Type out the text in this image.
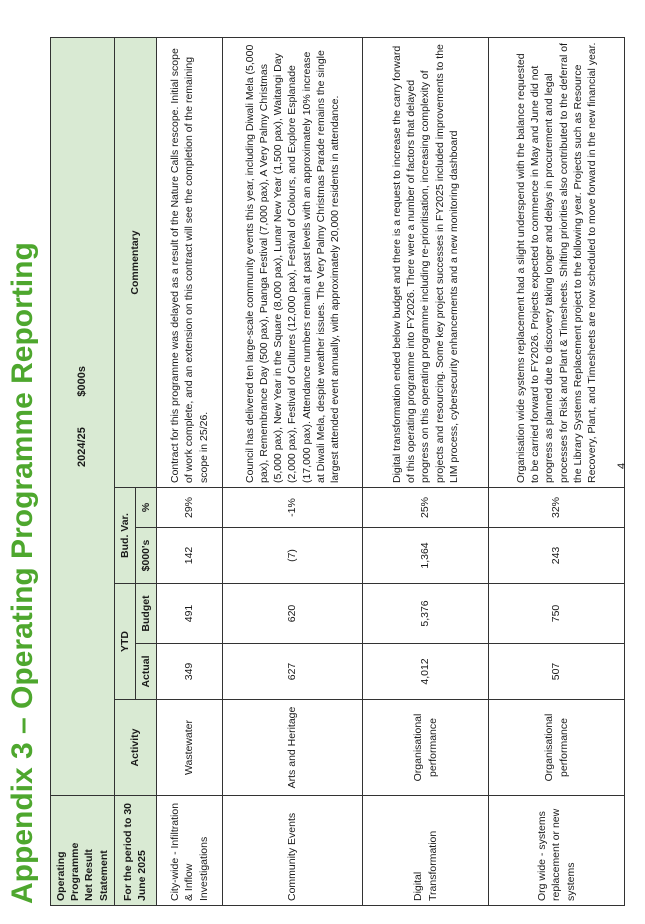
Appendix 3 – Operating Programme Reporting Operating Programme Net Result Statement	2024/25          $000s					
For the period to 30 June 2025	Activity	YTD		Bud. Var.		Commentary
		Actual	Budget	$000's	%	
City-wide - Infiltration & Inflow Investigations	Wastewater	349	491	142	29%	Contract for this programme was delayed as a result of the Nature Calls rescope. Initial scope of work complete, and an extension on this contract will see the completion of the remaining scope in 25/26.
Community Events	Arts and Heritage	627	620	(7)	-1%	Council has delivered ten large-scale community events this year, including Diwali Mela (5,000 pax), Remembrance Day (500 pax), Puanga Festival (7,000 pax), A Very Palmy Christmas (5,000 pax), New Year in the Square (8,000 pax), Lunar New Year (1,500 pax), Waitangi Day (2,000 pax), Festival of Cultures (12,000 pax), Festival of Colours, and Explore Esplanade (17,000 pax). Attendance numbers remain at past levels with an approximately 10% increase at Diwali Mela, despite weather issues. The Very Palmy Christmas Parade remains the single largest attended event annually, with approximately 20,000 residents in attendance.
Digital Transformation	Organisational performance	4,012	5,376	1,364	25%	Digital transformation ended below budget and there is a request to increase the carry forward of this operating programme into FY2026. There were a number of factors that delayed progress on this operating programme including re-prioritisation, increasing complexity of projects and resourcing. Some key project successes in FY2025 included improvements to the LIM process, cybersecurity enhancements and a new monitoring dashboard
Org wide - systems replacement or new systems	Organisational performance	507	750	243	32%	Organisation wide systems replacement had a slight underspend with the balance requested to be carried forward to FY2026. Projects expected to commence in May and June did not progress as planned due to discovery taking longer and delays in procurement and legal processes for Risk and Plant & Timesheets. Shifting priorities also contributed to the deferral of the Library Systems Replacement project to the following year. Projects such as Resource Recovery, Plant, and Timesheets are now scheduled to move forward in the new financial year. 4
